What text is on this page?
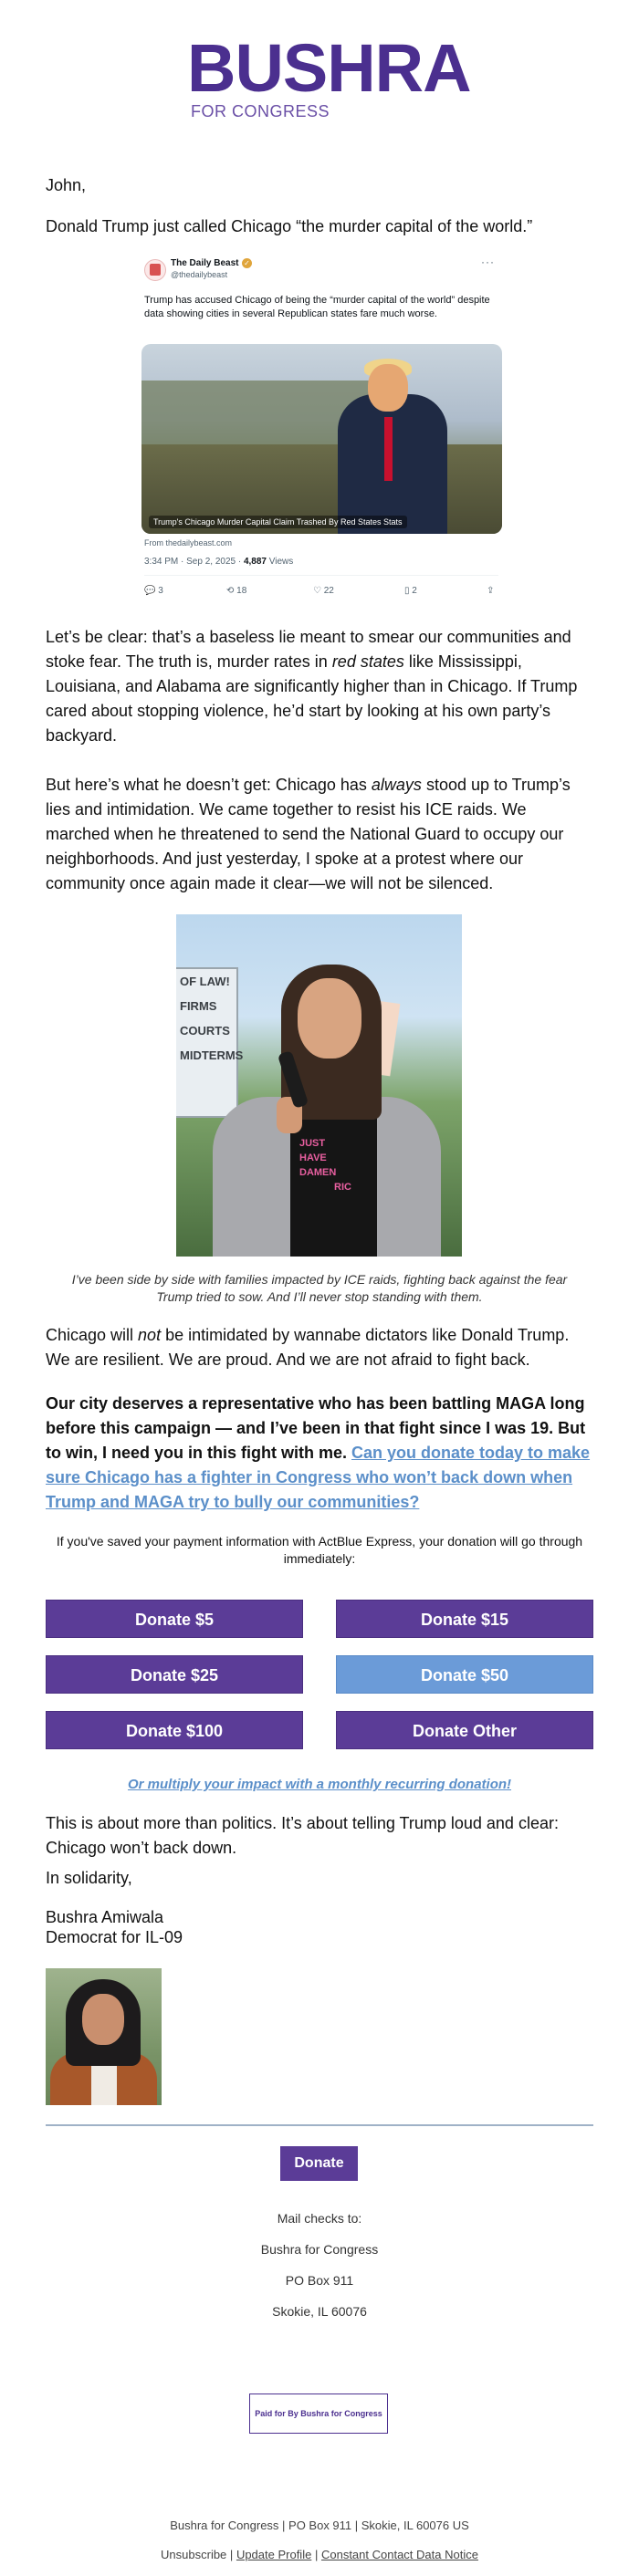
BUSHRA
FOR CONGRESS

John,

Donald Trump just called Chicago “the murder capital of the world.”

The Daily Beast ✓
@thedailybeast
···
Trump has accused Chicago of being the “murder capital of the world” despite data showing cities in several Republican states fare much worse.
Trump's Chicago Murder Capital Claim Trashed By Red States Stats
From thedailybeast.com
3:34 PM · Sep 2, 2025 · 4,887 Views
💬 3	⟲ 18	♡ 22	▯ 2	⇪

Let’s be clear: that’s a baseless lie meant to smear our communities and stoke fear. The truth is, murder rates in red states like Mississippi, Louisiana, and Alabama are significantly higher than in Chicago. If Trump cared about stopping violence, he’d start by looking at his own party’s backyard.

But here’s what he doesn’t get: Chicago has always stood up to Trump’s lies and intimidation. We came together to resist his ICE raids. We marched when he threatened to send the National Guard to occupy our neighborhoods. And just yesterday, I spoke at a protest where our community once again made it clear—we will not be silenced.

OF LAW! FIRMS COURTS MIDTERMS
JUST
HAVE
DAMEN
RIC
I’ve been side by side with families impacted by ICE raids, fighting back against the fear Trump tried to sow. And I’ll never stop standing with them.

Chicago will not be intimidated by wannabe dictators like Donald Trump. We are resilient. We are proud. And we are not afraid to fight back.

Our city deserves a representative who has been battling MAGA long before this campaign — and I’ve been in that fight since I was 19. But to win, I need you in this fight with me. Can you donate today to make sure Chicago has a fighter in Congress who won’t back down when Trump and MAGA try to bully our communities?

If you've saved your payment information with ActBlue Express, your donation will go through immediately:
Donate $5	Donate $15
Donate $25	Donate $50
Donate $100	Donate Other
Or multiply your impact with a monthly recurring donation!

This is about more than politics. It’s about telling Trump loud and clear: Chicago won’t back down.

In solidarity,

Bushra Amiwala

Democrat for IL-09

Donate
Mail checks to:
Bushra for Congress
PO Box 911
Skokie, IL 60076
Paid for By Bushra for Congress
Bushra for Congress | PO Box 911 | Skokie, IL 60076 US
Unsubscribe | Update Profile | Constant Contact Data Notice
